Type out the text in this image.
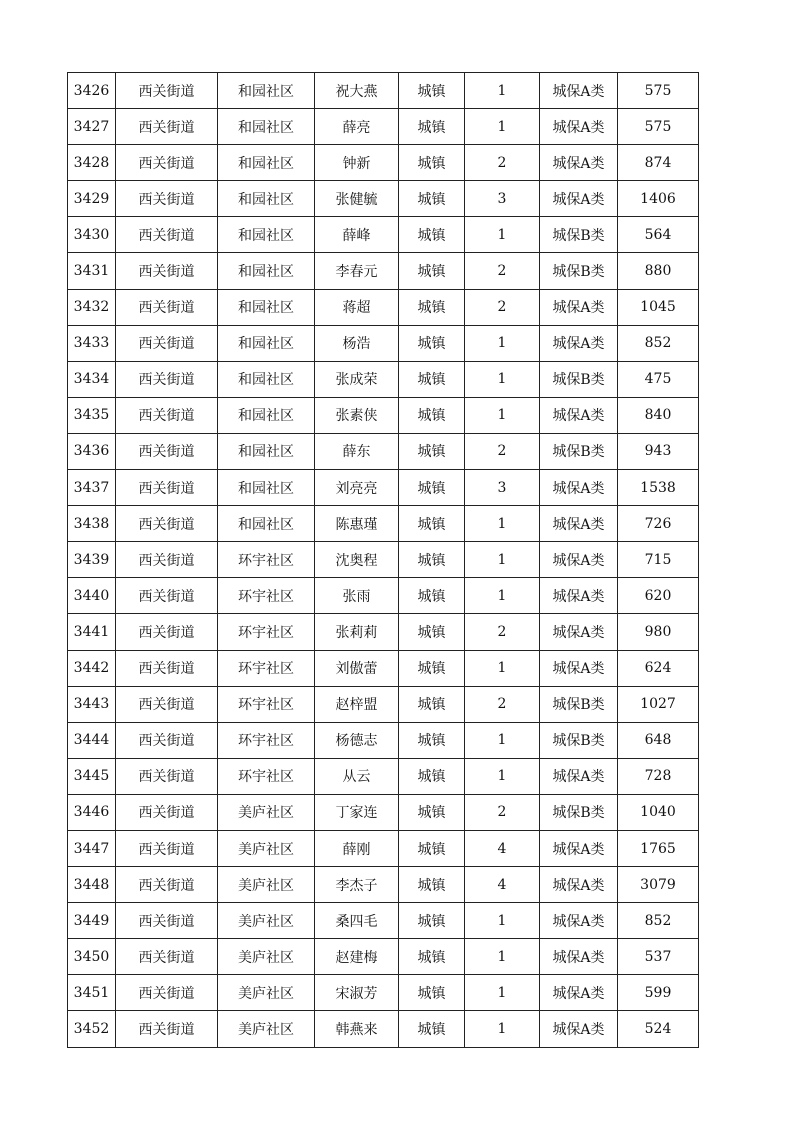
3426	西关街道	和园社区	祝大燕	城镇	1	城保A类	575
3427	西关街道	和园社区	薛亮	城镇	1	城保A类	575
3428	西关街道	和园社区	钟新	城镇	2	城保A类	874
3429	西关街道	和园社区	张健毓	城镇	3	城保A类	1406
3430	西关街道	和园社区	薛峰	城镇	1	城保B类	564
3431	西关街道	和园社区	李春元	城镇	2	城保B类	880
3432	西关街道	和园社区	蒋超	城镇	2	城保A类	1045
3433	西关街道	和园社区	杨浩	城镇	1	城保A类	852
3434	西关街道	和园社区	张成荣	城镇	1	城保B类	475
3435	西关街道	和园社区	张素侠	城镇	1	城保A类	840
3436	西关街道	和园社区	薛东	城镇	2	城保B类	943
3437	西关街道	和园社区	刘亮亮	城镇	3	城保A类	1538
3438	西关街道	和园社区	陈惠瑾	城镇	1	城保A类	726
3439	西关街道	环宇社区	沈奥程	城镇	1	城保A类	715
3440	西关街道	环宇社区	张雨	城镇	1	城保A类	620
3441	西关街道	环宇社区	张莉莉	城镇	2	城保A类	980
3442	西关街道	环宇社区	刘傲蕾	城镇	1	城保A类	624
3443	西关街道	环宇社区	赵梓盟	城镇	2	城保B类	1027
3444	西关街道	环宇社区	杨德志	城镇	1	城保B类	648
3445	西关街道	环宇社区	从云	城镇	1	城保A类	728
3446	西关街道	美庐社区	丁家连	城镇	2	城保B类	1040
3447	西关街道	美庐社区	薛刚	城镇	4	城保A类	1765
3448	西关街道	美庐社区	李杰子	城镇	4	城保A类	3079
3449	西关街道	美庐社区	桑四毛	城镇	1	城保A类	852
3450	西关街道	美庐社区	赵建梅	城镇	1	城保A类	537
3451	西关街道	美庐社区	宋淑芳	城镇	1	城保A类	599
3452	西关街道	美庐社区	韩燕来	城镇	1	城保A类	524
